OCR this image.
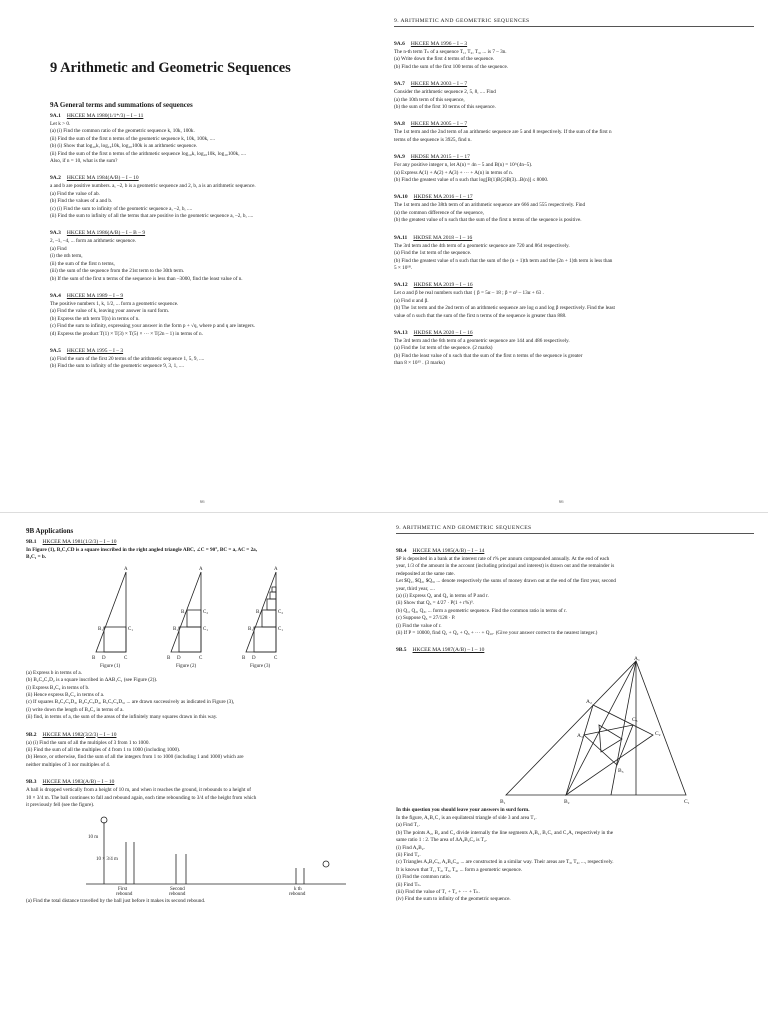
9 Arithmetic and Geometric Sequences
9A General terms and summations of sequences
9A.1 HKCEE MA 1980(1/1*/3) – I – 11
Let k > 0.
(a) (i) Find the common ratio of the geometric sequence k, 10k, 100k.
(ii) Find the sum of the first n terms of the geometric sequence k, 10k, 100k, ....
(b) (i) Show that log₁₀k, log₁₀10k, log₁₀100k is an arithmetic sequence.
(ii) Find the sum of the first n terms of the arithmetic sequence log₁₀k, log₁₀10k, log₁₀100k, ....
Also, if n = 10, what is the sum?
9A.2 HKCEE MA 1984(A/B) – I – 10
a and b are positive numbers. a, –2, b is a geometric sequence and 2, b, a is an arithmetic sequence.
(a) Find the value of ab.
(b) Find the values of a and b.
(c) (i) Find the sum to infinity of the geometric sequence a, –2, b, ....
(ii) Find the sum to infinity of all the terms that are positive in the geometric sequence a, –2, b, ....
9A.3 HKCEE MA 1986(A/B) – I – B – 9
2, –1, –4, ... form an arithmetic sequence.
(a) Find
(i) the nth term,
(ii) the sum of the first n terms,
(iii) the sum of the sequence from the 21st term to the 30th term.
(b) If the sum of the first n terms of the sequence is less than –3000, find the least value of n.
9A.4 HKCEE MA 1989 – I – 9
The positive numbers 1, k, 1/2, ... form a geometric sequence.
(a) Find the value of k, leaving your answer in surd form.
(b) Express the nth term T(n) in terms of n.
(c) Find the sum to infinity, expressing your answer in the form p + √q, where p and q are integers.
(d) Express the product T(1) × T(3) × T(5) × ··· × T(2n – 1) in terms of n.
9A.5 HKCEE MA 1995 – I – 3
(a) Find the sum of the first 20 terms of the arithmetic sequence 1, 5, 9, ....
(b) Find the sum to infinity of the geometric sequence 9, 3, 1, ....
66
9. ARITHMETIC AND GEOMETRIC SEQUENCES
9A.6 HKCEE MA 1996 – I – 3
The n-th term Tₙ of a sequence T₁, T₂, T₃, ... is 7 – 3n.
(a) Write down the first 4 terms of the sequence.
(b) Find the sum of the first 100 terms of the sequence.
9A.7 HKCEE MA 2003 – I – 7
Consider the arithmetic sequence 2, 5, 8, .... Find
(a) the 10th term of this sequence,
(b) the sum of the first 10 terms of this sequence.
9A.8 HKCEE MA 2005 – I – 7
The 1st term and the 2nd term of an arithmetic sequence are 5 and 8 respectively. If the sum of the first n
terms of the sequence is 3925, find n.
9A.9 HKDSE MA 2015 – I – 17
For any positive integer n, let A(n) = 4n – 5 and B(n) = 10^(4n–5).
(a) Express A(1) + A(2) + A(3) + ··· + A(n) in terms of n.
(b) Find the greatest value of n such that log[B(1)B(2)B(3)...B(n)] ≤ 8000.
9A.10 HKDSE MA 2016 – I – 17
The 1st term and the 38th term of an arithmetic sequence are 666 and 555 respectively. Find
(a) the common difference of the sequence,
(b) the greatest value of n such that the sum of the first n terms of the sequence is positive.
9A.11 HKDSE MA 2018 – I – 16
The 3rd term and the 4th term of a geometric sequence are 720 and 864 respectively.
(a) Find the 1st term of the sequence.
(b) Find the greatest value of n such that the sum of the (n + 1)th term and the (2n + 1)th term is less than
5 × 10¹⁸.
9A.12 HKDSE MA 2019 – I – 16
Let α and β be real numbers such that { β = 5α – 18 ; β = α² – 13α + 63 .
(a) Find α and β.
(b) The 1st term and the 2nd term of an arithmetic sequence are log α and log β respectively. Find the least
value of n such that the sum of the first n terms of the sequence is greater than 888.
9A.13 HKDSE MA 2020 – I – 16
The 3rd term and the 6th term of a geometric sequence are 144 and 486 respectively.
(a) Find the 1st term of the sequence. (2 marks)
(b) Find the least value of n such that the sum of the first n terms of the sequence is greater
than 8 × 10¹⁵ . (3 marks)
66
9B Applications
9B.1 HKCEE MA 1981(1/2/3) – I – 10
In Figure (1), B₁C₁CD is a square inscribed in the right angled triangle ABC, ∠C = 90°, BC = a, AC = 2a,
B₁C₁ = b.
A	A	A
B₁	C₁
B D	C
B₁	C₁
B₂	C₂
B D	C
B₁	C₁
B₂	C₂
B D	C
Figure (1)	Figure (2)	Figure (3)
(a) Express b in terms of a.
(b) B₂C₂C₁D₂ is a square inscribed in ΔAB₁C₁ (see Figure (2)).
(i) Express B₂C₂ in terms of b.
(ii) Hence express B₂C₂ in terms of a.
(c) If squares B₃C₃C₂D₃, B₄C₄C₃D₄, B₅C₅C₄D₅, ... are drawn successively as indicated in Figure (3),
(i) write down the length of B₃C₃ in terms of a.
(ii) find, in terms of a, the sum of the areas of the infinitely many squares drawn in this way.
9B.2 HKCEE MA 1982(3/2/3) – I – 10
(a) (i) Find the sum of all the multiples of 3 from 1 to 1000.
(ii) Find the sum of all the multiples of 4 from 1 to 1000 (including 1000).
(b) Hence, or otherwise, find the sum of all the integers from 1 to 1000 (including 1 and 1000) which are
neither multiples of 3 nor multiples of 4.
9B.3 HKCEE MA 1983(A/B) – I – 10
A ball is dropped vertically from a height of 10 m, and when it reaches the ground, it rebounds to a height of
10 × 3/4 m. The ball continues to fall and rebound again, each time rebounding to 3/4 of the height from which
it previously fell (see the figure).
10 m
10 × 3/4 m
First
rebound
Second
rebound
k th
rebound
(a) Find the total distance travelled by the ball just before it makes its second rebound.
9. ARITHMETIC AND GEOMETRIC SEQUENCES
9B.4 HKCEE MA 1985(A/B) – I – 14
$P is deposited in a bank at the interest rate of r% per annum compounded annually. At the end of each
year, 1/3 of the amount in the account (including principal and interest) is drawn out and the remainder is
redeposited at the same rate.
Let $Q₁, $Q₂, $Q₃, ... denote respectively the sums of money drawn out at the end of the first year, second
year, third year, ....
(a) (i) Express Q₁ and Q₂ in terms of P and r.
(ii) Show that Q₃ = 4/27 · P(1 + r%)³.
(b) Q₁, Q₂, Q₃, ... form a geometric sequence. Find the common ratio in terms of r.
(c) Suppose Q₃ = 27/128 · P.
(i) Find the value of r.
(ii) If P = 10000, find Q₁ + Q₂ + Q₃ + ··· + Q₁₀. (Give your answer correct to the nearest integer.)
9B.5 HKCEE MA 1987(A/B) – I – 10
A₁
A₂
A₃
B₁	B₂
B₃
C₁
C₂
C₃
In this question you should leave your answers in surd form.
In the figure, A₁B₁C₁ is an equilateral triangle of side 3 and area T₁.
(a) Find T₁.
(b) The points A₂, B₂ and C₂ divide internally the line segments A₁B₁, B₁C₁ and C₁A₁ respectively in the
same ratio 1 : 2. The area of ΔA₂B₂C₂ is T₂.
(i) Find A₂B₂.
(ii) Find T₂.
(c) Triangles A₃B₃C₃, A₄B₄C₄, ... are constructed in a similar way. Their areas are T₃, T₄, ..., respectively.
It is known that T₁, T₂, T₃, T₄, ... form a geometric sequence.
(i) Find the common ratio.
(ii) Find Tₙ.
(iii) Find the value of T₁ + T₂ + ··· + Tₙ.
(iv) Find the sum to infinity of the geometric sequence.
